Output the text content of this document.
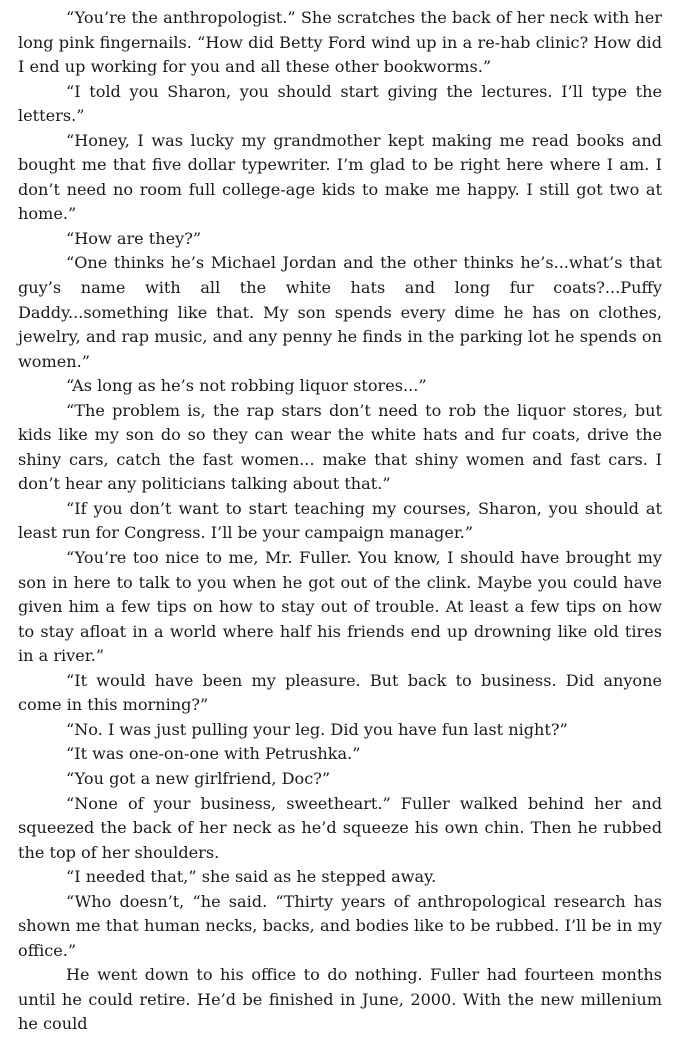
“You’re the anthropologist.” She scratches the back of her neck with her long pink fingernails. “How did Betty Ford wind up in a re-hab clinic? How did I end up working for you and all these other bookworms.”

“I told you Sharon, you should start giving the lectures. I’ll type the letters.”

“Honey, I was lucky my grandmother kept making me read books and bought me that five dollar typewriter. I’m glad to be right here where I am. I don’t need no room full college-age kids to make me happy. I still got two at home.”

“How are they?”

“One thinks he’s Michael Jordan and the other thinks he’s...what’s that guy’s name with all the white hats and long fur coats?...Puffy Daddy...something like that. My son spends every dime he has on clothes, jewelry, and rap music, and any penny he finds in the parking lot he spends on women.”

“As long as he’s not robbing liquor stores...”

“The problem is, the rap stars don’t need to rob the liquor stores, but kids like my son do so they can wear the white hats and fur coats, drive the shiny cars, catch the fast women... make that shiny women and fast cars. I don’t hear any politicians talking about that.”

“If you don’t want to start teaching my courses, Sharon, you should at least run for Congress. I’ll be your campaign manager.”

“You’re too nice to me, Mr. Fuller. You know, I should have brought my son in here to talk to you when he got out of the clink. Maybe you could have given him a few tips on how to stay out of trouble. At least a few tips on how to stay afloat in a world where half his friends end up drowning like old tires in a river.”

“It would have been my pleasure. But back to business. Did anyone come in this morning?”

“No. I was just pulling your leg. Did you have fun last night?”

“It was one-on-one with Petrushka.”

“You got a new girlfriend, Doc?”

“None of your business, sweetheart.” Fuller walked behind her and squeezed the back of her neck as he’d squeeze his own chin. Then he rubbed the top of her shoulders.

“I needed that,” she said as he stepped away.

“Who doesn’t, “he said. “Thirty years of anthropological research has shown me that human necks, backs, and bodies like to be rubbed. I’ll be in my office.”

He went down to his office to do nothing. Fuller had fourteen months until he could retire. He’d be finished in June, 2000. With the new millenium he could
